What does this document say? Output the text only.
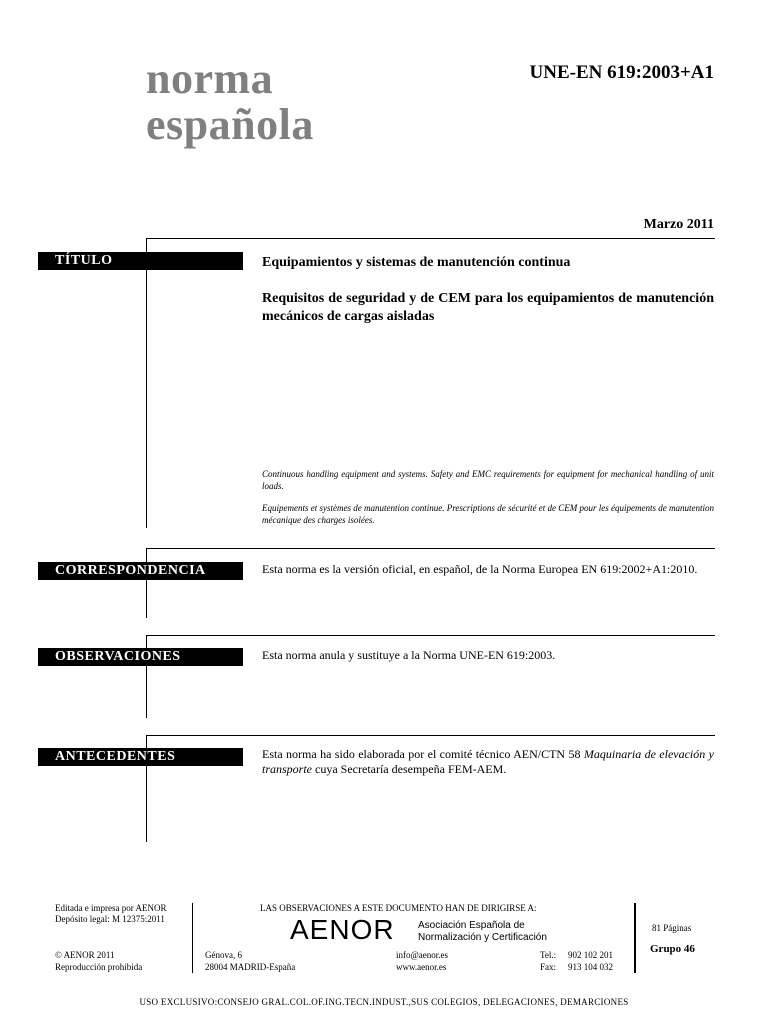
norma
española
UNE-EN 619:2003+A1
Marzo 2011
TÍTULO	Equipamientos y sistemas de manutención continua
Requisitos de seguridad y de CEM para los equipamientos de manutención mecánicos de cargas aisladas
Continuous handling equipment and systems. Safety and EMC requirements for equipment for mechanical handling of unit loads.
Equipements et systèmes de manutention continue. Prescriptions de sécurité et de CEM pour les équipements de manutention mécanique des charges isolées.
CORRESPONDENCIA	Esta norma es la versión oficial, en español, de la Norma Europea EN 619:2002+A1:2010.
OBSERVACIONES	Esta norma anula y sustituye a la Norma UNE-EN 619:2003.
ANTECEDENTES	Esta norma ha sido elaborada por el comité técnico AEN/CTN 58 Maquinaria de elevación y transporte cuya Secretaría desempeña FEM-AEM.
Editada e impresa por AENOR
Depósito legal: M 12375:2011
© AENOR 2011
Reproducción prohibida
LAS OBSERVACIONES A ESTE DOCUMENTO HAN DE DIRIGIRSE A:
AENOR Asociación Española de
Normalización y Certificación
Génova, 6
28004 MADRID-España
info@aenor.es
www.aenor.es
Tel.: 902 102 201
Fax: 913 104 032
81 Páginas
Grupo 46
USO EXCLUSIVO:CONSEJO GRAL.COL.OF.ING.TECN.INDUST.,SUS COLEGIOS, DELEGACIONES, DEMARCIONES
